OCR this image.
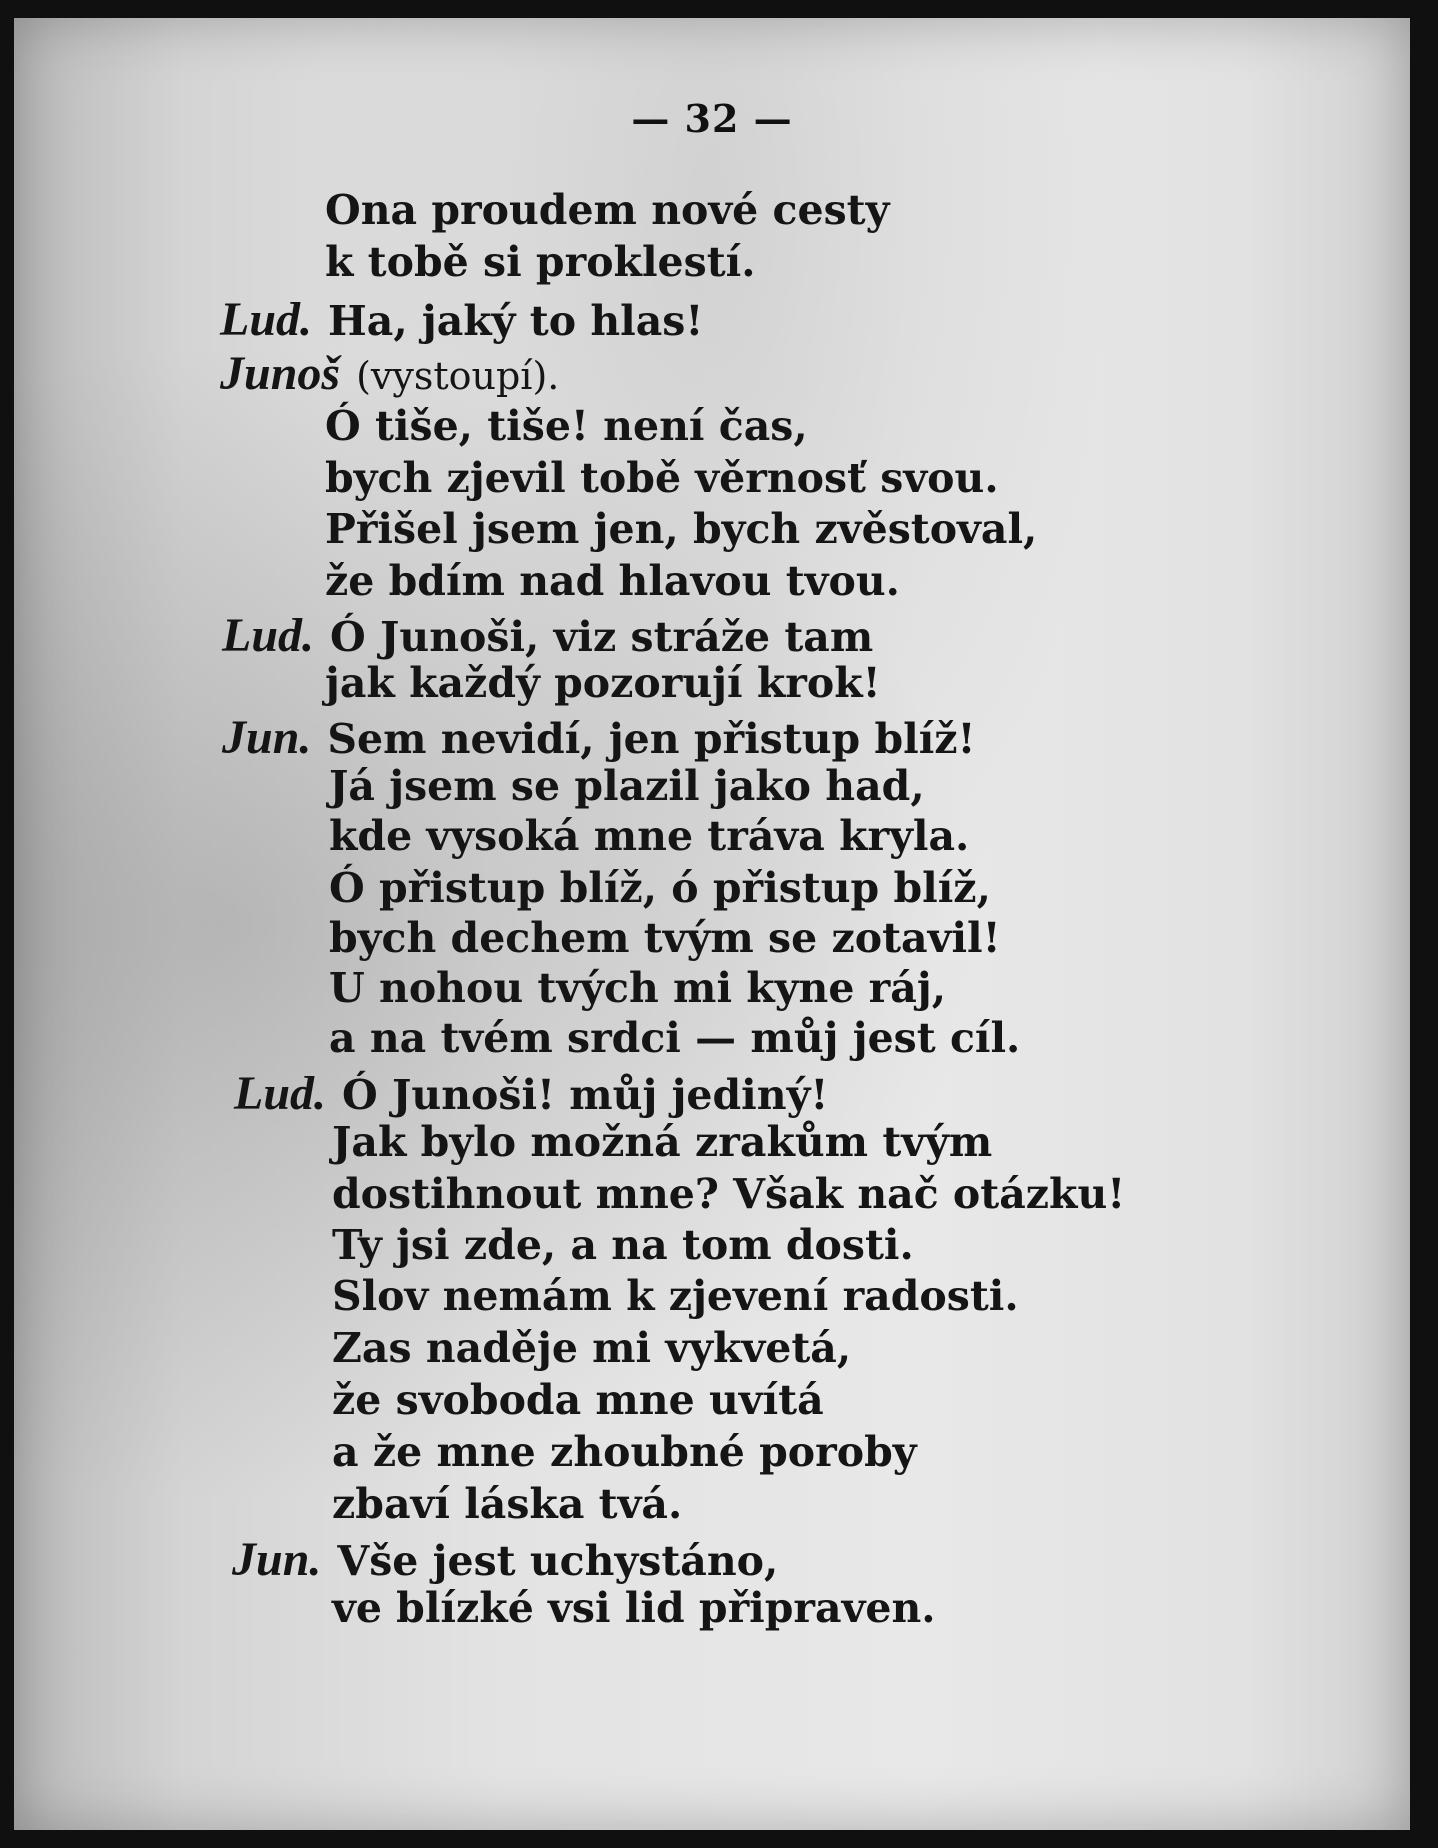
— 32 —
Ona proudem nové cesty
k tobě si proklestí.
Lud. Ha, jaký to hlas!
Junoš (vystoupí).
Ó tiše, tiše! není čas,
bych zjevil tobě věrnosť svou.
Přišel jsem jen, bych zvěstoval,
že bdím nad hlavou tvou.
Lud. Ó Junoši, viz stráže tam
jak každý pozorují krok!
Jun. Sem nevidí, jen přistup blíž!
Já jsem se plazil jako had,
kde vysoká mne tráva kryla.
Ó přistup blíž, ó přistup blíž,
bych dechem tvým se zotavil!
U nohou tvých mi kyne ráj,
a na tvém srdci — můj jest cíl.
Lud. Ó Junoši! můj jediný!
Jak bylo možná zrakům tvým
dostihnout mne? Však nač otázku!
Ty jsi zde, a na tom dosti.
Slov nemám k zjevení radosti.
Zas naděje mi vykvetá,
že svoboda mne uvítá
a že mne zhoubné poroby
zbaví láska tvá.
Jun. Vše jest uchystáno,
ve blízké vsi lid připraven.
